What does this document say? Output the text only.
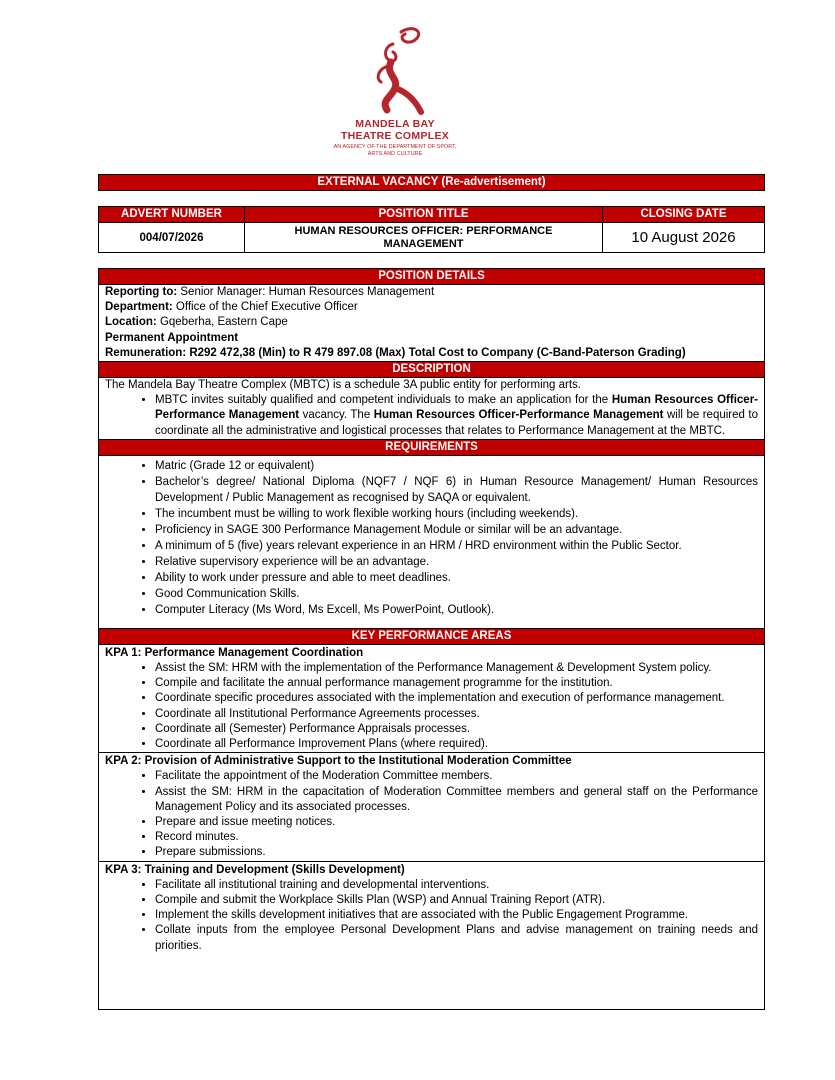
MANDELA BAY
THEATRE COMPLEX
AN AGENCY OF THE DEPARTMENT OF SPORT, ARTS AND CULTURE
EXTERNAL VACANCY (Re-advertisement)
ADVERT NUMBER	POSITION TITLE	CLOSING DATE
004/07/2026	HUMAN RESOURCES OFFICER: PERFORMANCE MANAGEMENT	10 August 2026
POSITION DETAILS
Reporting to: Senior Manager: Human Resources Management
Department: Office of the Chief Executive Officer
Location: Gqeberha, Eastern Cape
Permanent Appointment
Remuneration: R292 472,38 (Min) to R 479 897.08 (Max) Total Cost to Company (C-Band-Paterson Grading)
DESCRIPTION
The Mandela Bay Theatre Complex (MBTC) is a schedule 3A public entity for performing arts.
• MBTC invites suitably qualified and competent individuals to make an application for the Human Resources Officer-Performance Management vacancy. The Human Resources Officer-Performance Management will be required to coordinate all the administrative and logistical processes that relates to Performance Management at the MBTC.
REQUIREMENTS
• Matric (Grade 12 or equivalent)
• Bachelor’s degree/ National Diploma (NQF7 / NQF 6) in Human Resource Management/ Human Resources Development / Public Management as recognised by SAQA or equivalent.
• The incumbent must be willing to work flexible working hours (including weekends).
• Proficiency in SAGE 300 Performance Management Module or similar will be an advantage.
• A minimum of 5 (five) years relevant experience in an HRM / HRD environment within the Public Sector.
• Relative supervisory experience will be an advantage.
• Ability to work under pressure and able to meet deadlines.
• Good Communication Skills.
• Computer Literacy (Ms Word, Ms Excell, Ms PowerPoint, Outlook).
KEY PERFORMANCE AREAS
KPA 1: Performance Management Coordination
• Assist the SM: HRM with the implementation of the Performance Management & Development System policy.
• Compile and facilitate the annual performance management programme for the institution.
• Coordinate specific procedures associated with the implementation and execution of performance management.
• Coordinate all Institutional Performance Agreements processes.
• Coordinate all (Semester) Performance Appraisals processes.
• Coordinate all Performance Improvement Plans (where required).
KPA 2: Provision of Administrative Support to the Institutional Moderation Committee
• Facilitate the appointment of the Moderation Committee members.
• Assist the SM: HRM in the capacitation of Moderation Committee members and general staff on the Performance Management Policy and its associated processes.
• Prepare and issue meeting notices.
• Record minutes.
• Prepare submissions.
KPA 3: Training and Development (Skills Development)
• Facilitate all institutional training and developmental interventions.
• Compile and submit the Workplace Skills Plan (WSP) and Annual Training Report (ATR).
• Implement the skills development initiatives that are associated with the Public Engagement Programme.
• Collate inputs from the employee Personal Development Plans and advise management on training needs and priorities.
